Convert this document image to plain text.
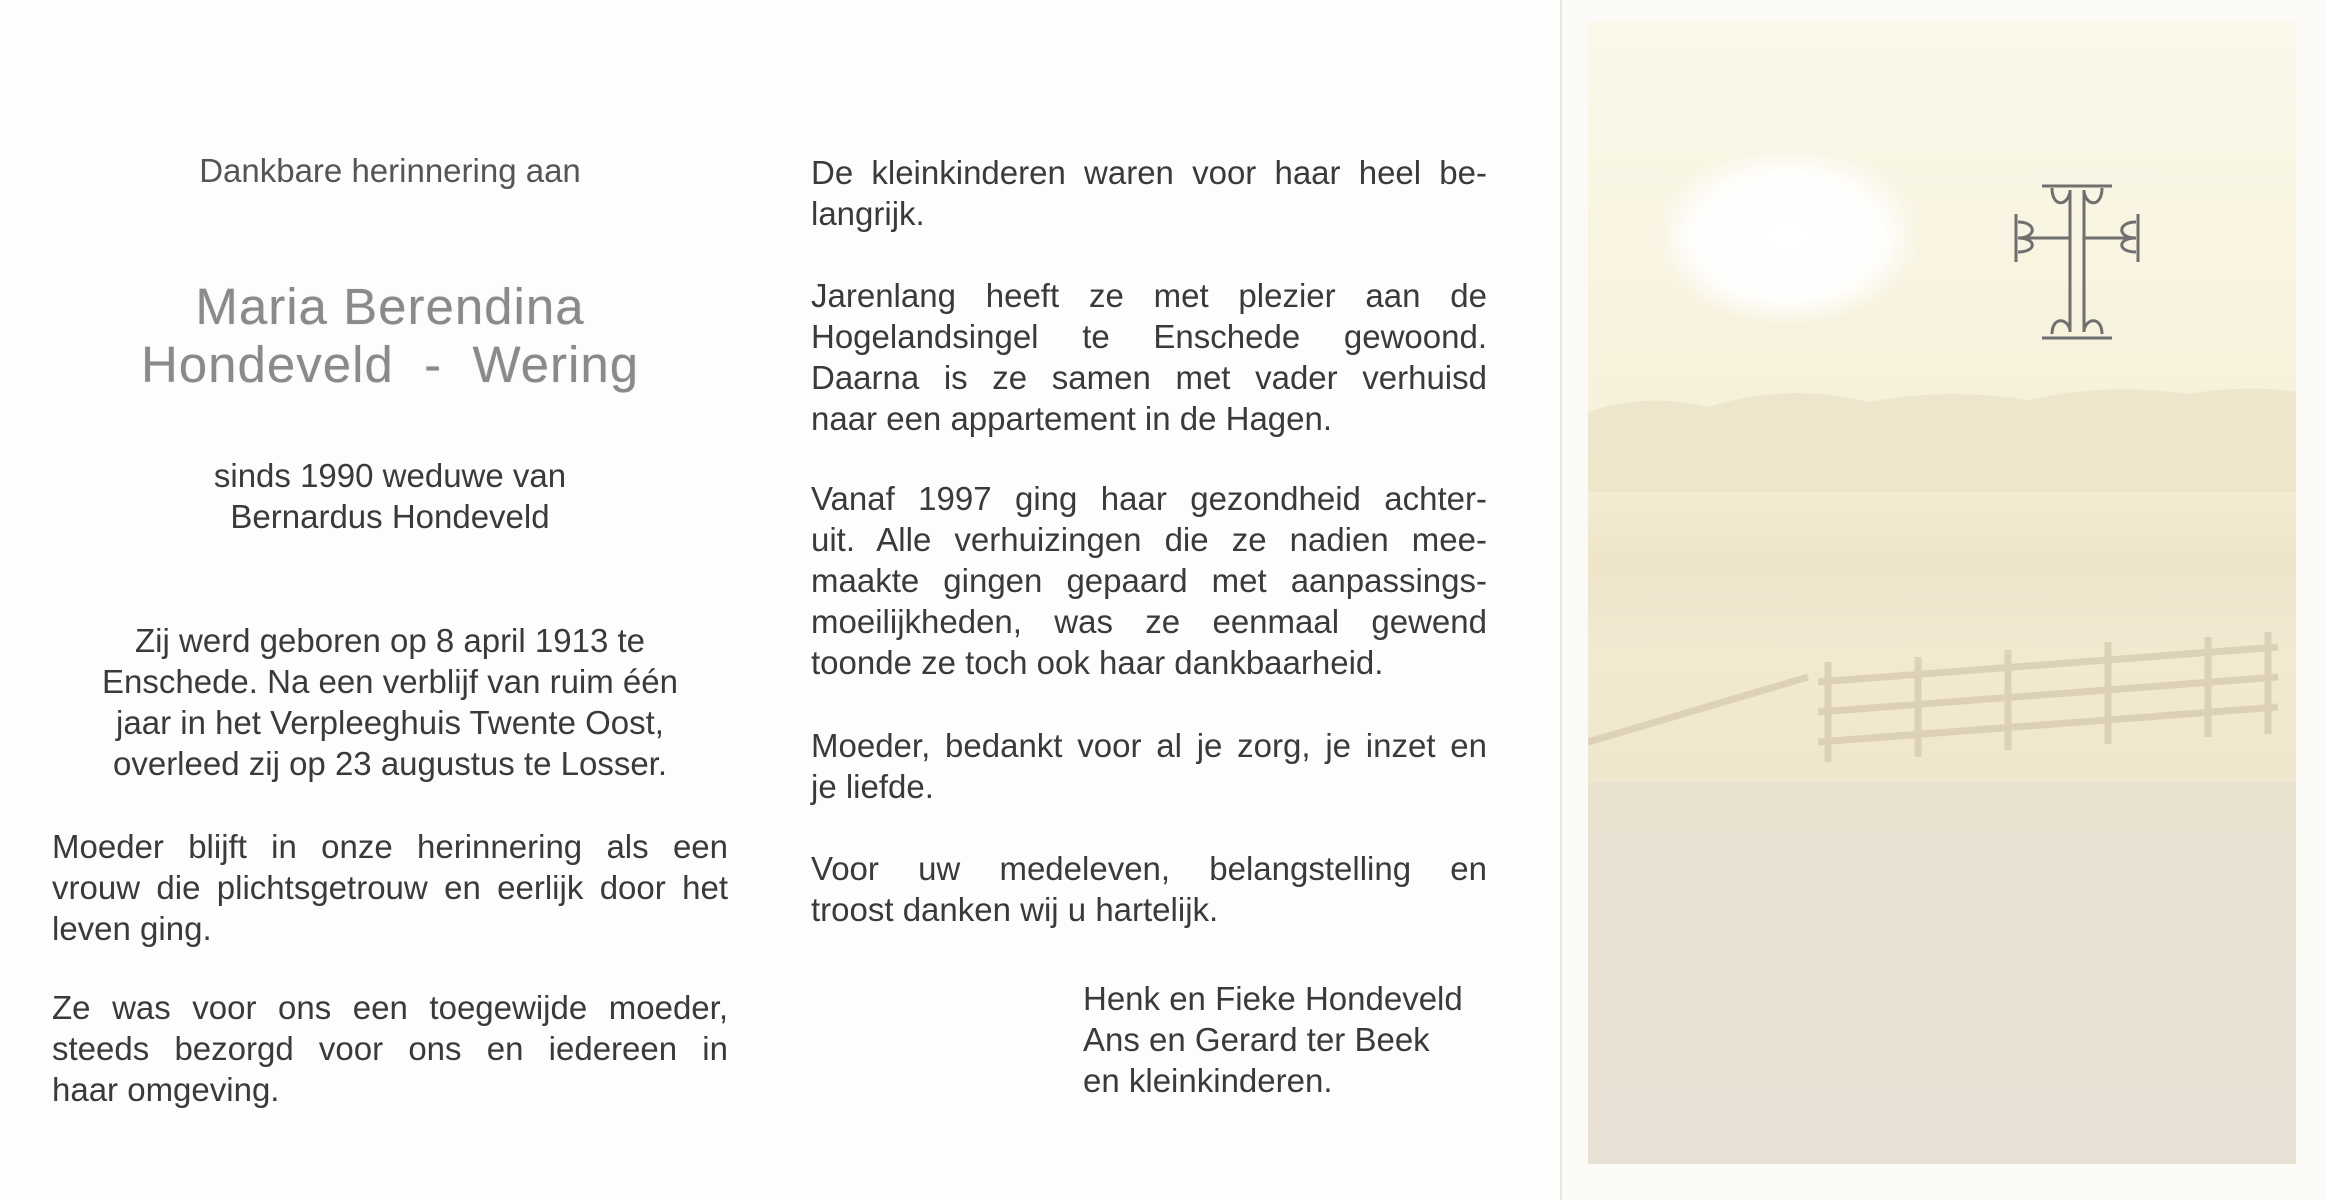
Dankbare herinnering aan
Maria Berendina
Hondeveld  -  Wering
sinds 1990 weduwe van
Bernardus Hondeveld
Zij werd geboren op 8 april 1913 te
Enschede. Na een verblijf van ruim één
jaar in het Verpleeghuis Twente Oost,
overleed zij op 23 augustus te Losser.
Moeder blijft in onze herinnering als een
vrouw die plichtsgetrouw en eerlijk door het
leven ging.
Ze was voor ons een toegewijde moeder,
steeds bezorgd voor ons en iedereen in
haar omgeving.
De kleinkinderen waren voor haar heel be-
langrijk.
Jarenlang heeft ze met plezier aan de
Hogelandsingel te Enschede gewoond.
Daarna is ze samen met vader verhuisd
naar een appartement in de Hagen.
Vanaf 1997 ging haar gezondheid achter-
uit. Alle verhuizingen die ze nadien mee-
maakte gingen gepaard met aanpassings-
moeilijkheden, was ze eenmaal gewend
toonde ze toch ook haar dankbaarheid.
Moeder, bedankt voor al je zorg, je inzet en
je liefde.
Voor uw medeleven, belangstelling en
troost danken wij u hartelijk.
Henk en Fieke Hondeveld
Ans en Gerard ter Beek
en kleinkinderen.
